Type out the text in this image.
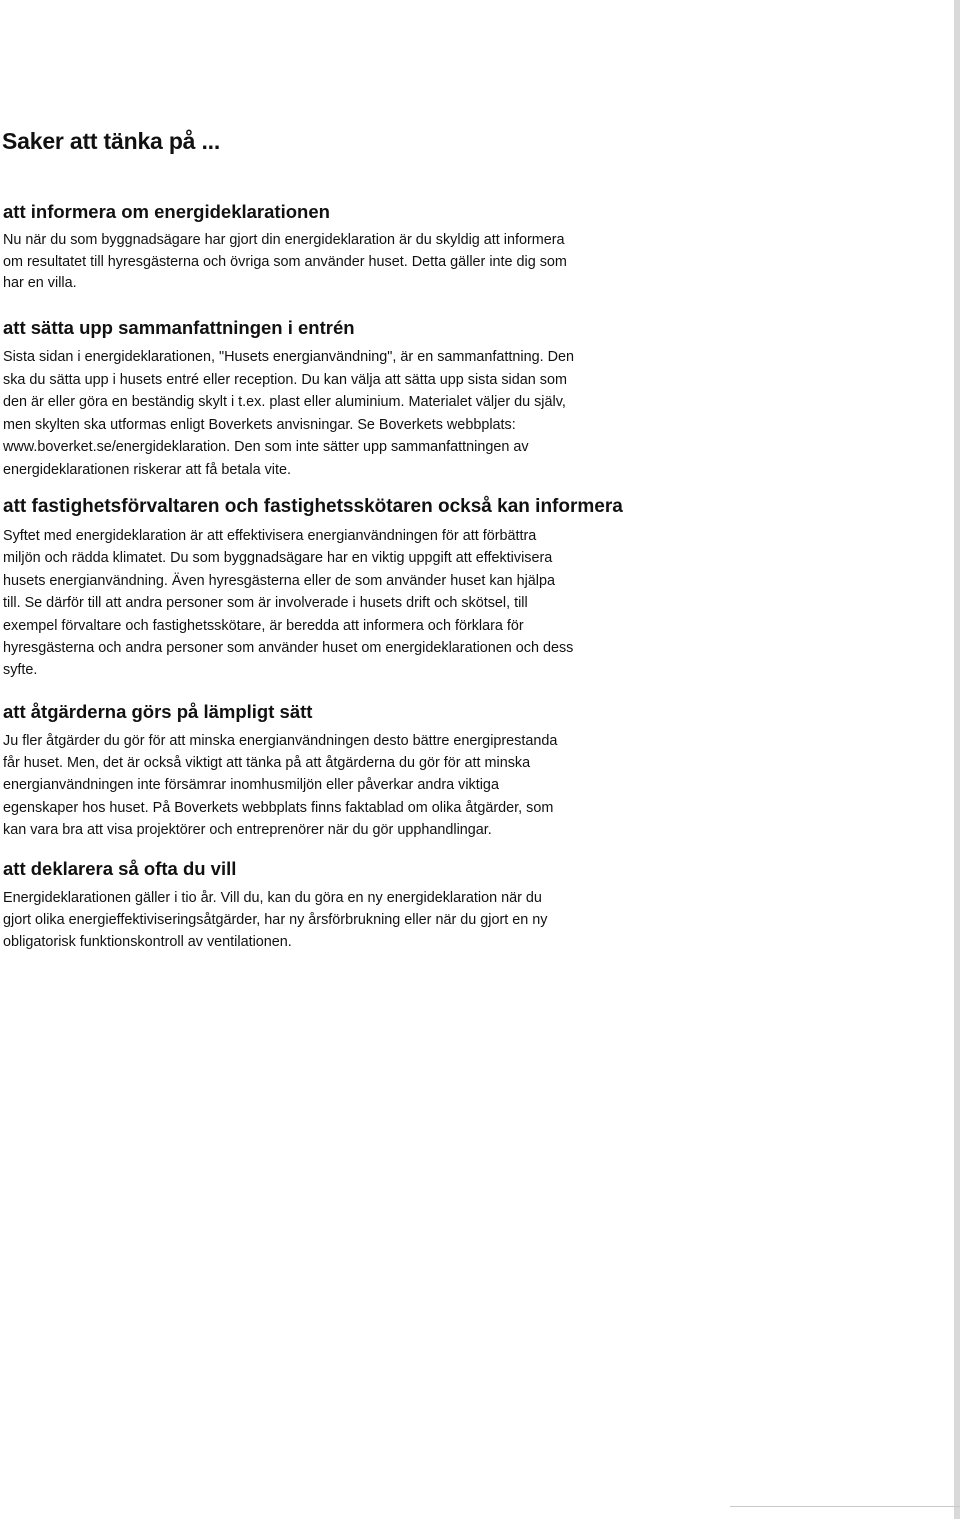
Saker att tänka på ...
att informera om energideklarationen

Nu när du som byggnadsägare har gjort din energideklaration är du skyldig att informera
om resultatet till hyresgästerna och övriga som använder huset. Detta gäller inte dig som
har en villa.

att sätta upp sammanfattningen i entrén

Sista sidan i energideklarationen, "Husets energianvändning", är en sammanfattning. Den
ska du sätta upp i husets entré eller reception. Du kan välja att sätta upp sista sidan som
den är eller göra en beständig skylt i t.ex. plast eller aluminium. Materialet väljer du själv,
men skylten ska utformas enligt Boverkets anvisningar. Se Boverkets webbplats:
www.boverket.se/energideklaration. Den som inte sätter upp sammanfattningen av
energideklarationen riskerar att få betala vite.

att fastighetsförvaltaren och fastighetsskötaren också kan informera

Syftet med energideklaration är att effektivisera energianvändningen för att förbättra
miljön och rädda klimatet. Du som byggnadsägare har en viktig uppgift att effektivisera
husets energianvändning. Även hyresgästerna eller de som använder huset kan hjälpa
till. Se därför till att andra personer som är involverade i husets drift och skötsel, till
exempel förvaltare och fastighetsskötare, är beredda att informera och förklara för
hyresgästerna och andra personer som använder huset om energideklarationen och dess
syfte.

att åtgärderna görs på lämpligt sätt

Ju fler åtgärder du gör för att minska energianvändningen desto bättre energiprestanda
får huset. Men, det är också viktigt att tänka på att åtgärderna du gör för att minska
energianvändningen inte försämrar inomhusmiljön eller påverkar andra viktiga
egenskaper hos huset. På Boverkets webbplats finns faktablad om olika åtgärder, som
kan vara bra att visa projektörer och entreprenörer när du gör upphandlingar.

att deklarera så ofta du vill

Energideklarationen gäller i tio år. Vill du, kan du göra en ny energideklaration när du
gjort olika energieffektiviseringsåtgärder, har ny årsförbrukning eller när du gjort en ny
obligatorisk funktionskontroll av ventilationen.
